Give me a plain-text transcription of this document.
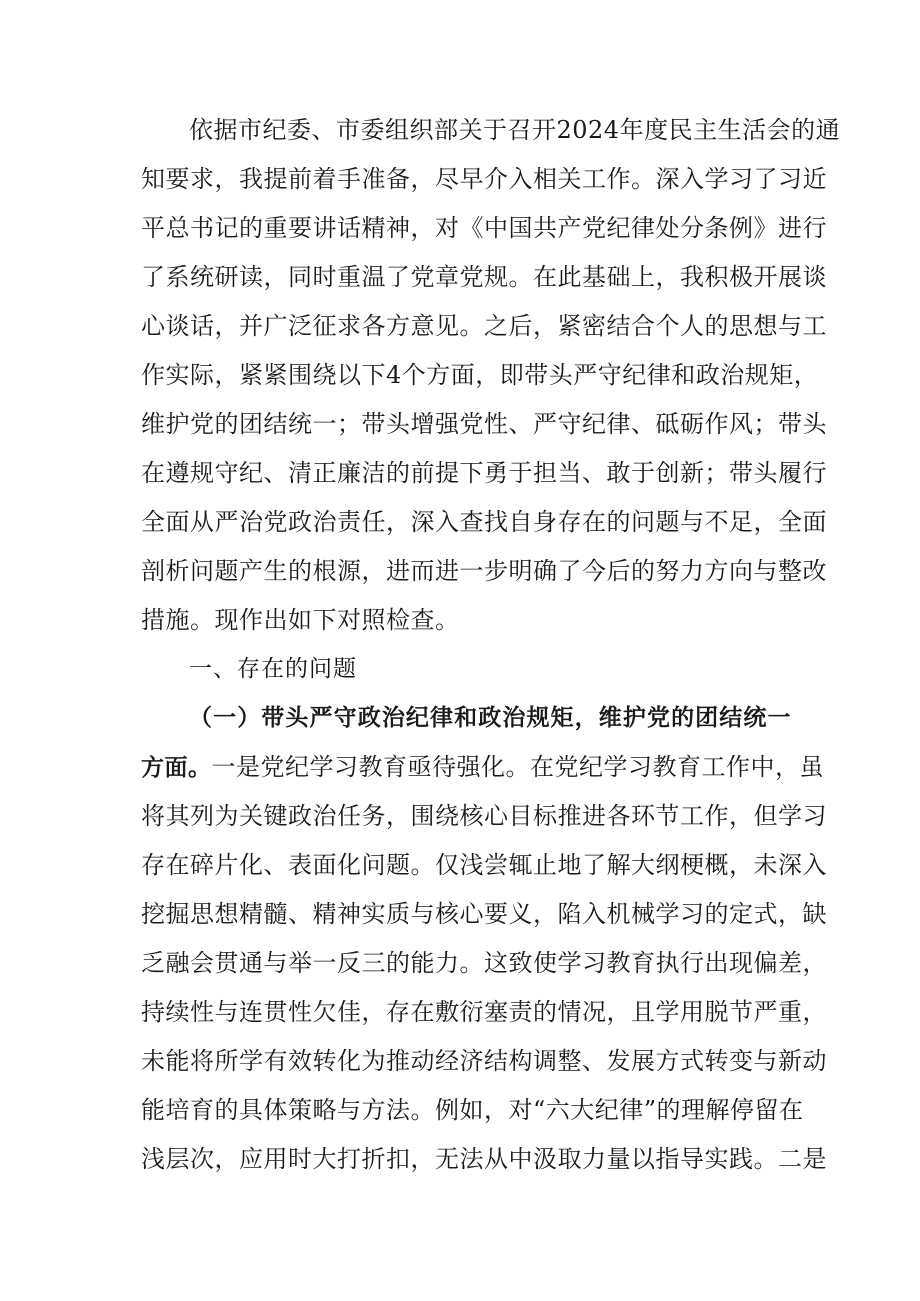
依据市纪委、市委组织部关于召开2024年度民主生活会的通
知要求，我提前着手准备，尽早介入相关工作。深入学习了习近
平总书记的重要讲话精神，对《中国共产党纪律处分条例》进行
了系统研读，同时重温了党章党规。在此基础上，我积极开展谈
心谈话，并广泛征求各方意见。之后，紧密结合个人的思想与工
作实际，紧紧围绕以下4个方面，即带头严守纪律和政治规矩，
维护党的团结统一；带头增强党性、严守纪律、砥砺作风；带头
在遵规守纪、清正廉洁的前提下勇于担当、敢于创新；带头履行
全面从严治党政治责任，深入查找自身存在的问题与不足，全面
剖析问题产生的根源，进而进一步明确了今后的努力方向与整改
措施。现作出如下对照检查。
一、存在的问题
（一）带头严守政治纪律和政治规矩，维护党的团结统一
方面。一是党纪学习教育亟待强化。在党纪学习教育工作中，虽
将其列为关键政治任务，围绕核心目标推进各环节工作，但学习
存在碎片化、表面化问题。仅浅尝辄止地了解大纲梗概，未深入
挖掘思想精髓、精神实质与核心要义，陷入机械学习的定式，缺
乏融会贯通与举一反三的能力。这致使学习教育执行出现偏差，
持续性与连贯性欠佳，存在敷衍塞责的情况，且学用脱节严重，
未能将所学有效转化为推动经济结构调整、发展方式转变与新动
能培育的具体策略与方法。例如，对“六大纪律”的理解停留在
浅层次，应用时大打折扣，无法从中汲取力量以指导实践。二是
